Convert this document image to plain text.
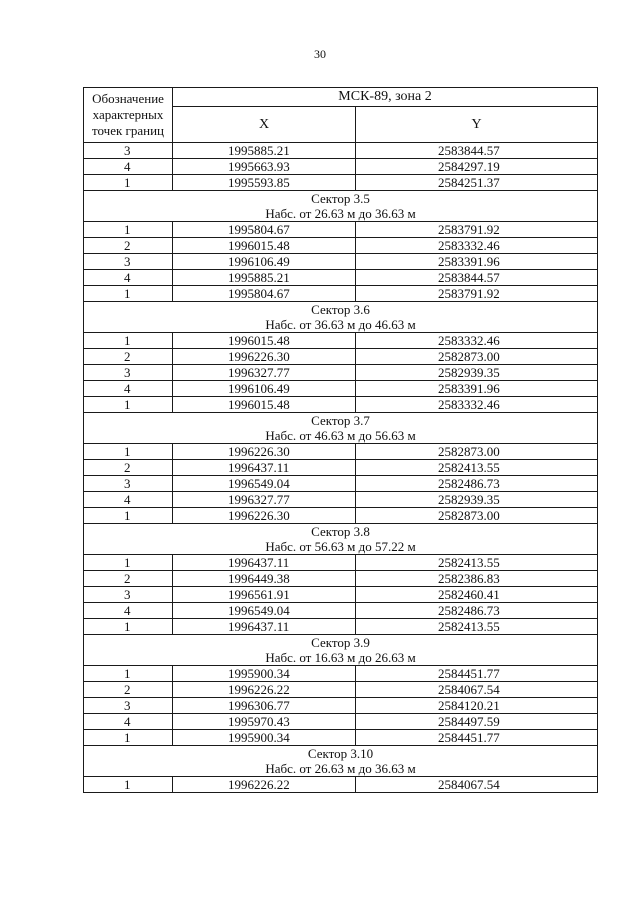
30
Обозначение
характерных
точек границ	МСК-89, зона 2	
	X	Y
3	1995885.21	2583844.57
4	1995663.93	2584297.19
1	1995593.85	2584251.37

Сектор 3.5
Набс. от 26.63 м до 36.63 м		

1	1995804.67	2583791.92
2	1996015.48	2583332.46
3	1996106.49	2583391.96
4	1995885.21	2583844.57
1	1995804.67	2583791.92

Сектор 3.6
Набс. от 36.63 м до 46.63 м		

1	1996015.48	2583332.46
2	1996226.30	2582873.00
3	1996327.77	2582939.35
4	1996106.49	2583391.96
1	1996015.48	2583332.46

Сектор 3.7
Набс. от 46.63 м до 56.63 м		

1	1996226.30	2582873.00
2	1996437.11	2582413.55
3	1996549.04	2582486.73
4	1996327.77	2582939.35
1	1996226.30	2582873.00

Сектор 3.8
Набс. от 56.63 м до 57.22 м		

1	1996437.11	2582413.55
2	1996449.38	2582386.83
3	1996561.91	2582460.41
4	1996549.04	2582486.73
1	1996437.11	2582413.55

Сектор 3.9
Набс. от 16.63 м до 26.63 м		

1	1995900.34	2584451.77
2	1996226.22	2584067.54
3	1996306.77	2584120.21
4	1995970.43	2584497.59
1	1995900.34	2584451.77

Сектор 3.10
Набс. от 26.63 м до 36.63 м		

1	1996226.22	2584067.54
